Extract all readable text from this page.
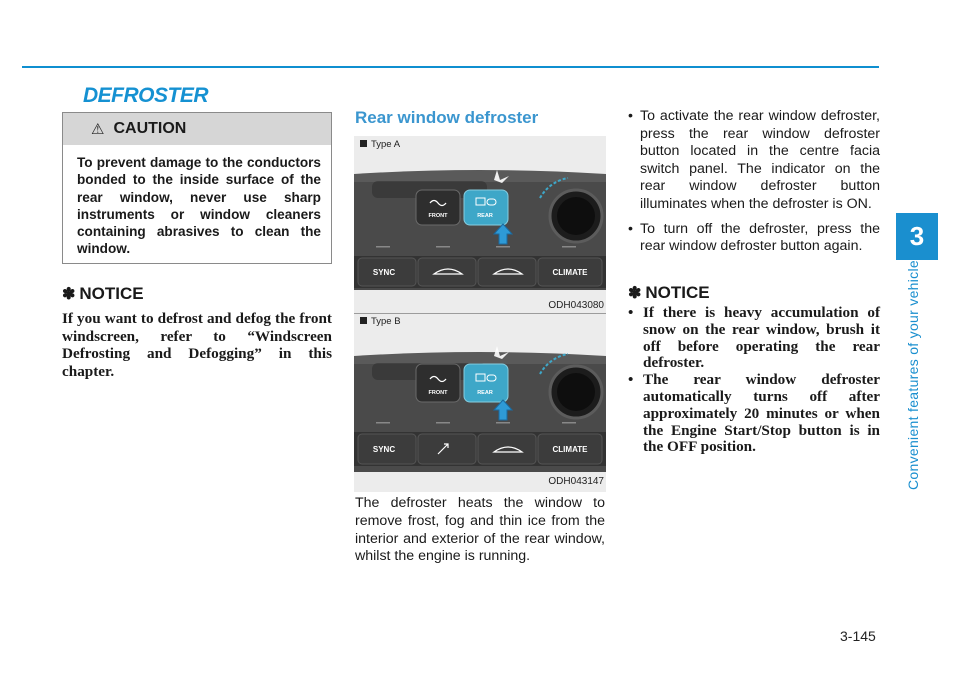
DEFROSTER
3
Convenient features of your vehicle
⚠ CAUTION

To prevent damage to the conductors bonded to the inside surface of the rear window, never use sharp instruments or window cleaners containing abrasives to clean the window.

✽ NOTICE

If you want to defrost and defog the front windscreen, refer to “Windscreen Defrosting and Defogging” in this chapter.

Rear window defroster
Type A
FRONT	REAR
SYNC	CLIMATE
ODH043080
Type B
FRONT	REAR
SYNC	CLIMATE
ODH043147

The defroster heats the window to remove frost, fog and thin ice from the interior and exterior of the rear window, whilst the engine is running.

• To activate the rear window defroster, press the rear window defroster button located in the centre facia switch panel. The indicator on the rear window defroster button illuminates when the defroster is ON.
• To turn off the defroster, press the rear window defroster button again.
✽ NOTICE
• If there is heavy accumulation of snow on the rear window, brush it off before operating the rear defroster.
• The rear window defroster automatically turns off after approximately 20 minutes or when the Engine Start/Stop button is in the OFF position.
3-145
